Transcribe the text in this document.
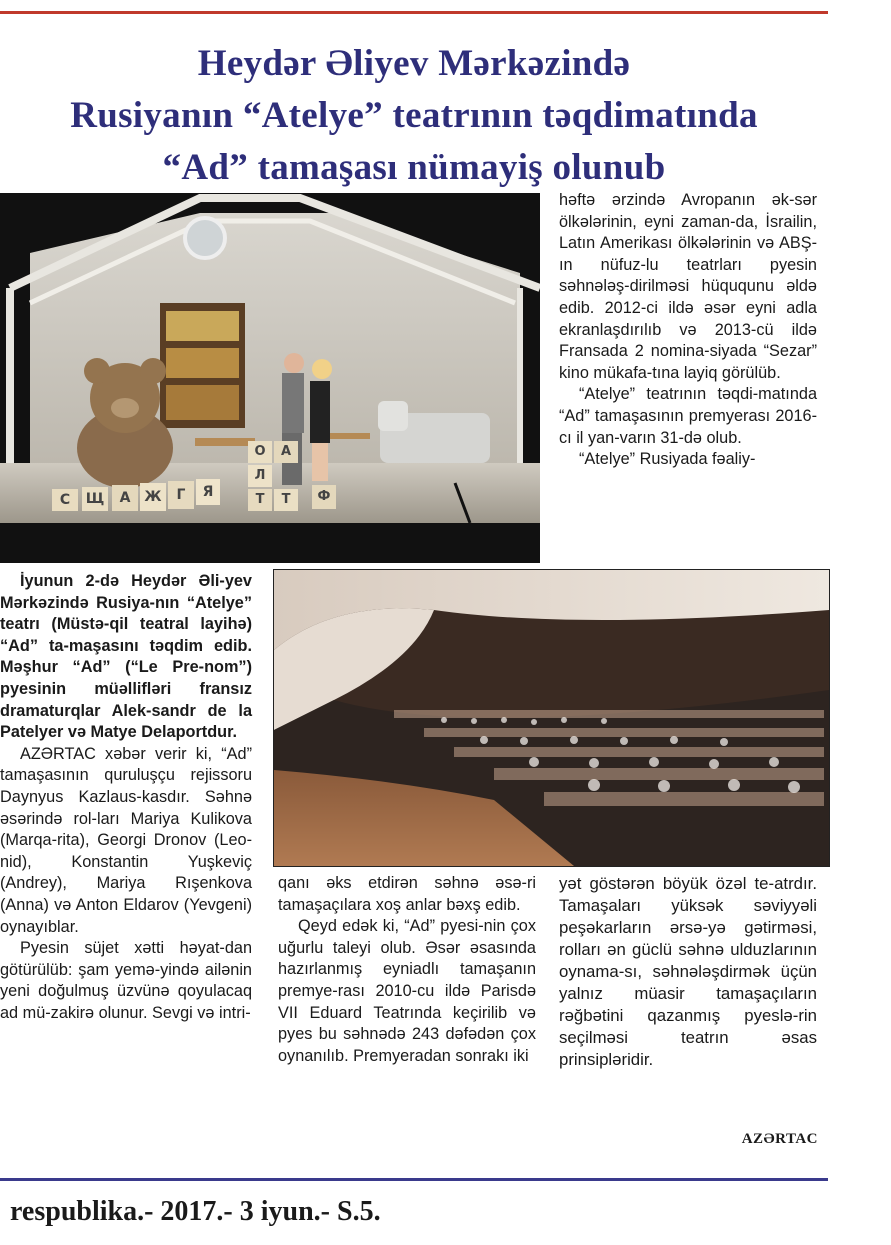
Heydər Əliyev Mərkəzində
Rusiyanın “Atelye” teatrının təqdimatında
“Ad” tamaşası nümayiş olunub
С	Щ	А	Ж	Г	Я
О	А
Л
Т	Т	Ф

həftə ərzində Avropanın ək-sər ölkələrinin, eyni zaman-da, İsrailin, Latın Amerikası ölkələrinin və ABŞ-ın nüfuz-lu teatrları pyesin səhnələş-dirilməsi hüququnu əldə edib. 2012-ci ildə əsər eyni adla ekranlaşdırılıb və 2013-cü ildə Fransada 2 nomina-siyada “Sezar” kino mükafa-tına layiq görülüb.

“Atelye” teatrının təqdi-matında “Ad” tamaşasının premyerası 2016-cı il yan-varın 31-də olub.

“Atelye” Rusiyada fəaliy-

İyunun 2-də Heydər Əli-yev Mərkəzində Rusiya-nın “Atelye” teatrı (Müstə-qil teatral layihə) “Ad” ta-maşasını təqdim edib. Məşhur “Ad” (“Le Pre-nom”) pyesinin müəllifləri fransız dramaturqlar Alek-sandr de la Patelyer və Matye Delaportdur.

AZƏRTAC xəbər verir ki, “Ad” tamaşasının quruluşçu rejissoru Daynyus Kazlaus-kasdır. Səhnə əsərində rol-ları Mariya Kulikova (Marqa-rita), Georgi Dronov (Leo-nid), Konstantin Yuşkeviç (Andrey), Mariya Rışenkova (Anna) və Anton Eldarov (Yevgeni) oynayıblar.

Pyesin süjet xətti həyat-dan götürülüb: şam yemə-yində ailənin yeni doğulmuş üzvünə qoyulacaq ad mü-zakirə olunur. Sevgi və intri-

qanı əks etdirən səhnə əsə-ri tamaşaçılara xoş anlar bəxş edib.

Qeyd edək ki, “Ad” pyesi-nin çox uğurlu taleyi olub. Əsər əsasında hazırlanmış eyniadlı tamaşanın premye-rası 2010-cu ildə Parisdə VII Eduard Teatrında keçirilib və pyes bu səhnədə 243 dəfədən çox oynanılıb. Premyeradan sonrakı iki

yət göstərən böyük özəl te-atrdır. Tamaşaları yüksək səviyyəli peşəkarların ərsə-yə gətirməsi, rolları ən güclü səhnə ulduzlarının oynama-sı, səhnələşdirmək üçün yalnız müasir tamaşaçıların rəğbətini qazanmış pyeslə-rin seçilməsi teatrın əsas prinsipləridir.

AZƏRTAC
respublika.- 2017.- 3 iyun.- S.5.
